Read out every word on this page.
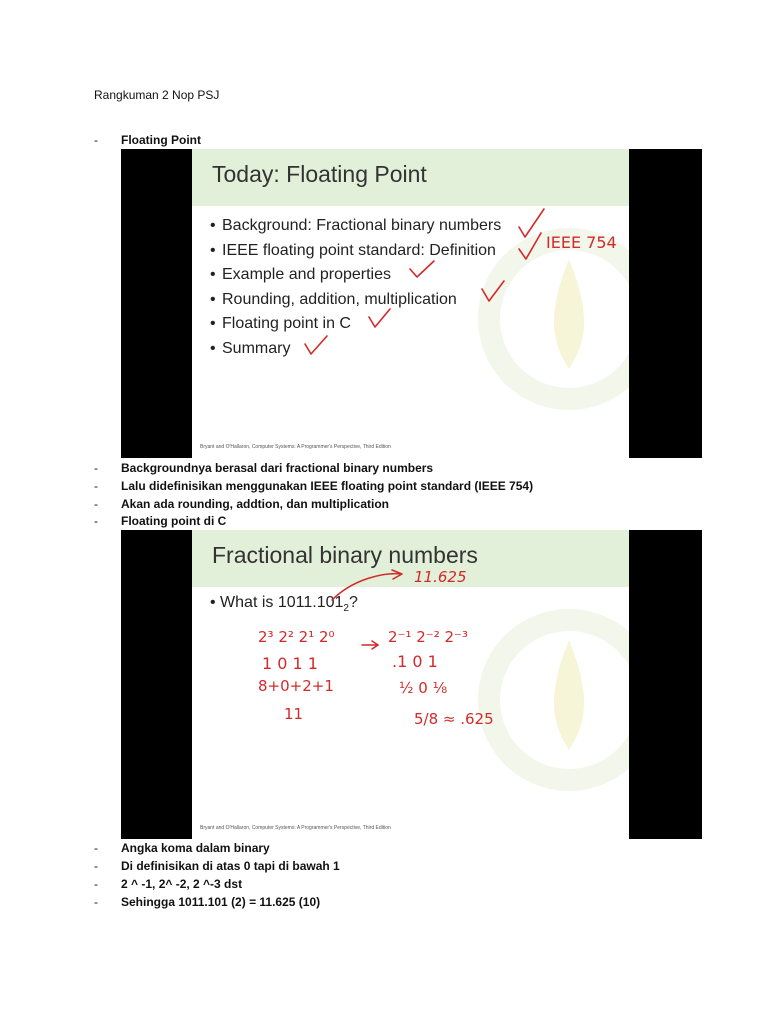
Rangkuman 2 Nop PSJ
-	Floating Point
Today: Floating Point
• Background: Fractional binary numbers
• IEEE floating point standard: Definition
• Example and properties
• Rounding, addition, multiplication
• Floating point in C
• Summary
IEEE 754
Bryant and O'Hallaron, Computer Systems: A Programmer's Perspective, Third Edition
-	Backgroundnya berasal dari fractional binary numbers
-	Lalu didefinisikan menggunakan IEEE floating point standard (IEEE 754)
-	Akan ada rounding, addtion, dan multiplication
-	Floating point di C
Fractional binary numbers
• What is $1011.101_2$?
11.625
2³ 2² 2¹ 2⁰
1 0 1 1
8+0+2+1
11
2⁻¹ 2⁻² 2⁻³
.1 0 1
½ 0 ⅛
5/8 ≈ .625
Bryant and O'Hallaron, Computer Systems: A Programmer's Perspective, Third Edition
-	Angka koma dalam binary
-	Di definisikan di atas 0 tapi di bawah 1
-	2 ^ -1, 2^ -2, 2 ^-3 dst
-	Sehingga 1011.101 (2) = 11.625 (10)
